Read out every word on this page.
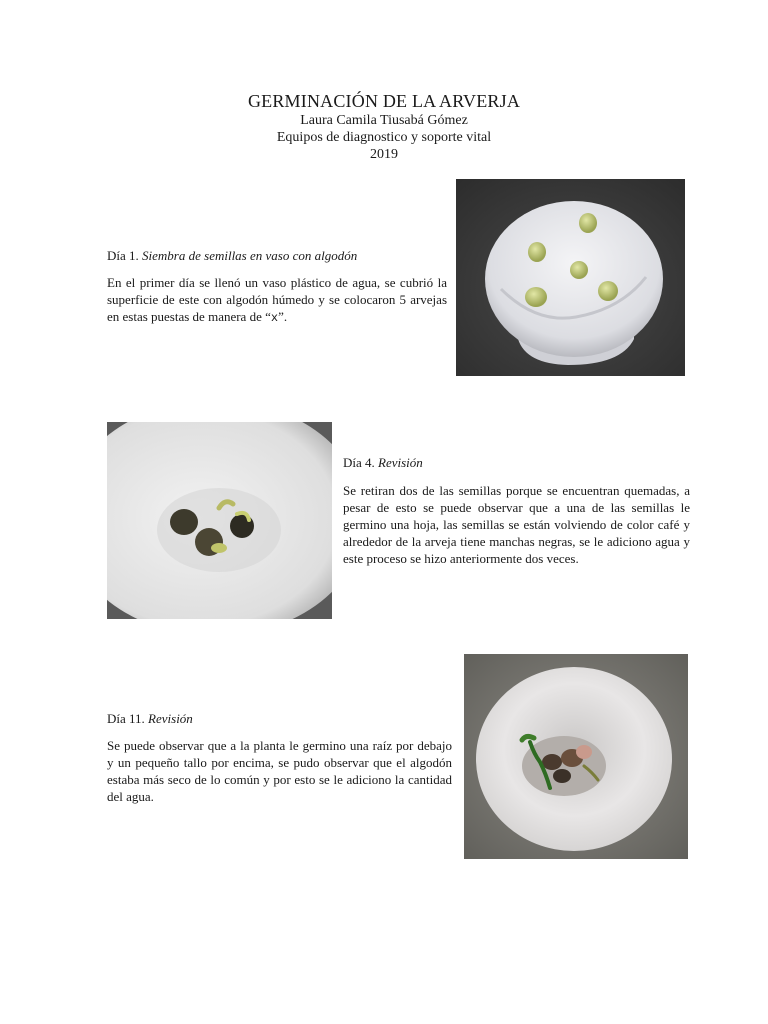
GERMINACIÓN DE LA ARVERJA
Laura Camila Tiusabá Gómez
Equipos de diagnostico y soporte vital
2019
Día 1. Siembra de semillas en vaso con algodón
En el primer día se llenó un vaso plástico de agua, se cubrió la superficie de este con algodón húmedo y se colocaron 5 arvejas en estas puestas de manera de “x”.
Día 4. Revisión
Se retiran dos de las semillas porque se encuentran quemadas, a pesar de esto se puede observar que a una de las semillas le germino una hoja, las semillas se están volviendo de color café y alrededor de la arveja tiene manchas negras, se le adiciono agua y este proceso se hizo anteriormente dos veces.
Día 11. Revisión
Se puede observar que a la planta le germino una raíz por debajo y un pequeño tallo por encima, se pudo observar que el algodón estaba más seco de lo común y por esto se le adiciono la cantidad del agua.
